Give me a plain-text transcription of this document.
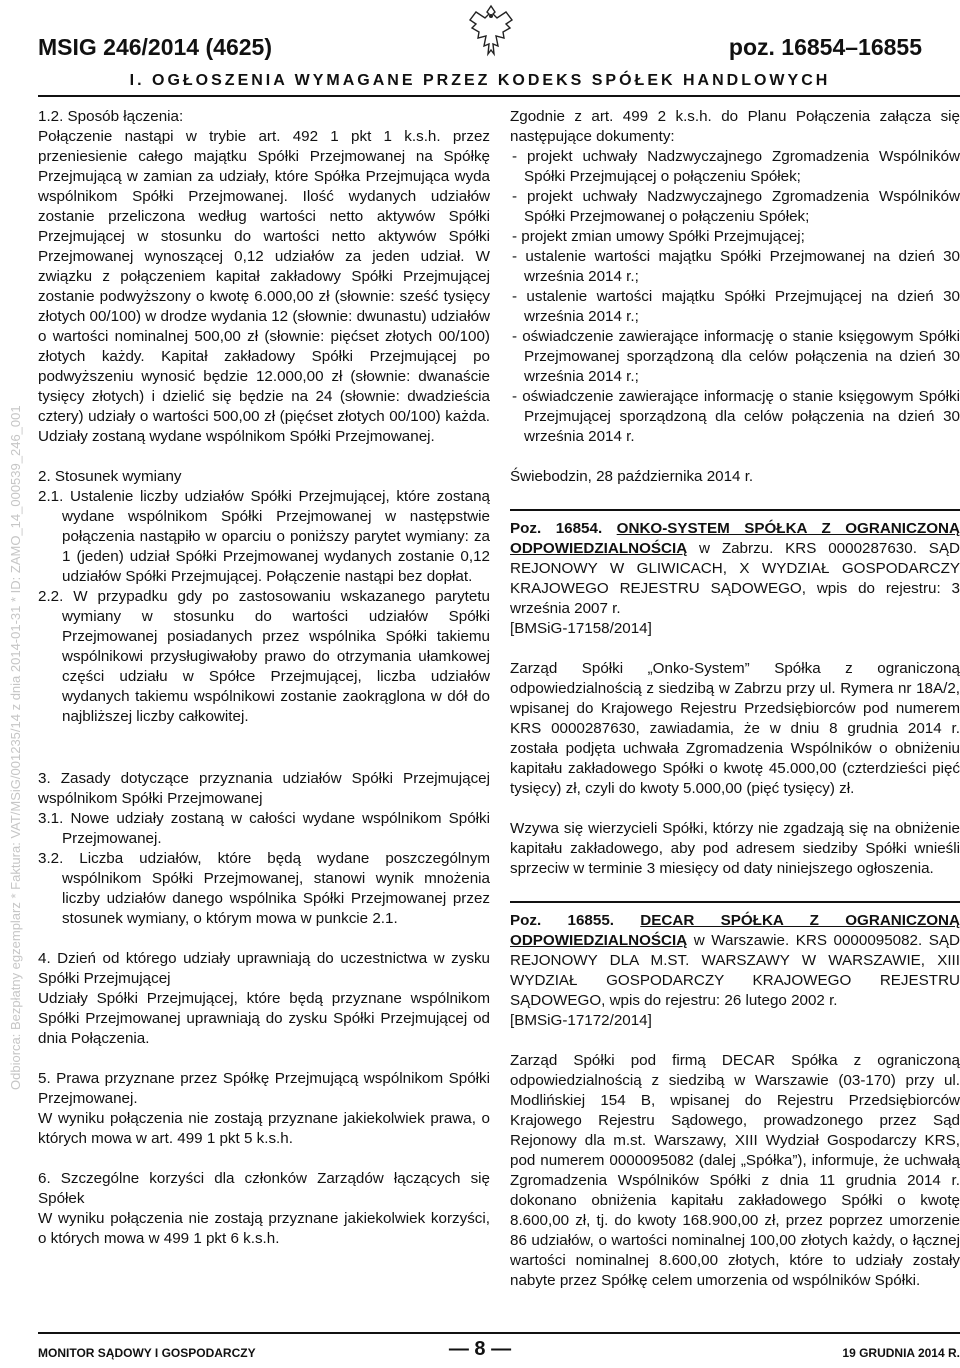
MSIG 246/2014 (4625)	poz. 16854–16855
I. OGŁOSZENIA WYMAGANE PRZEZ KODEKS SPÓŁEK HANDLOWYCH
Odbiorca: Bezpłatny egzemplarz * Faktura: VAT/MSiG/001235/14 z dnia 2014-01-31 * ID: ZAMO_14_000539_246_001

1.2. Sposób łączenia:

Połączenie nastąpi w trybie art. 492 1 pkt 1 k.s.h. przez przeniesienie całego majątku Spółki Przejmowanej na Spółkę Przejmującą w zamian za udziały, które Spółka Przejmująca wyda wspólnikom Spółki Przejmowanej. Ilość wydanych udziałów zostanie przeliczona według wartości netto aktywów Spółki Przejmującej w stosunku do wartości netto aktywów Spółki Przejmowanej wynoszącej 0,12 udziałów za jeden udział. W związku z połączeniem kapitał zakładowy Spółki Przejmującej zostanie podwyższony o kwotę 6.000,00 zł (słownie: sześć tysięcy złotych 00/100) w drodze wydania 12 (słownie: dwunastu) udziałów o wartości nominalnej 500,00 zł (słownie: pięćset złotych 00/100) złotych każdy. Kapitał zakładowy Spółki Przejmującej po podwyższeniu wynosić będzie 12.000,00 zł (słownie: dwanaście tysięcy złotych) i dzielić się będzie na 24 (słownie: dwadzieścia cztery) udziały o wartości 500,00 zł (pięćset złotych 00/100) każda. Udziały zostaną wydane wspólnikom Spółki Przejmowanej.

2. Stosunek wymiany

2.1. Ustalenie liczby udziałów Spółki Przejmującej, które zostaną wydane wspólnikom Spółki Przejmowanej w następstwie połączenia nastąpiło w oparciu o poniższy parytet wymiany: za 1 (jeden) udział Spółki Przejmowanej wydanych zostanie 0,12 udziałów Spółki Przejmującej. Połączenie nastąpi bez dopłat.

2.2. W przypadku gdy po zastosowaniu wskazanego parytetu wymiany w stosunku do wartości udziałów Spółki Przejmowanej posiadanych przez wspólnika Spółki takiemu wspólnikowi przysługiwałoby prawo do otrzymania ułamkowej części udziału w Spółce Przejmującej, liczba udziałów wydanych takiemu wspólnikowi zostanie zaokrąglona w dół do najbliższej liczby całkowitej.

3. Zasady dotyczące przyznania udziałów Spółki Przejmującej wspólnikom Spółki Przejmowanej

3.1. Nowe udziały zostaną w całości wydane wspólnikom Spółki Przejmowanej.

3.2. Liczba udziałów, które będą wydane poszczególnym wspólnikom Spółki Przejmowanej, stanowi wynik mnożenia liczby udziałów danego wspólnika Spółki Przejmowanej przez stosunek wymiany, o którym mowa w punkcie 2.1.

4. Dzień od którego udziały uprawniają do uczestnictwa w zysku Spółki Przejmującej

Udziały Spółki Przejmującej, które będą przyznane wspólnikom Spółki Przejmowanej uprawniają do zysku Spółki Przejmującej od dnia Połączenia.

5. Prawa przyznane przez Spółkę Przejmującą wspólnikom Spółki Przejmowanej.

W wyniku połączenia nie zostają przyznane jakiekolwiek prawa, o których mowa w art. 499 1 pkt 5 k.s.h.

6. Szczególne korzyści dla członków Zarządów łączących się Spółek

W wyniku połączenia nie zostają przyznane jakiekolwiek korzyści, o których mowa w 499 1 pkt 6 k.s.h.

Zgodnie z art. 499 2 k.s.h. do Planu Połączenia załącza się następujące dokumenty:

- projekt uchwały Nadzwyczajnego Zgromadzenia Wspólników Spółki Przejmującej o połączeniu Spółek;

- projekt uchwały Nadzwyczajnego Zgromadzenia Wspólników Spółki Przejmowanej o połączeniu Spółek;

- projekt zmian umowy Spółki Przejmującej;

- ustalenie wartości majątku Spółki Przejmowanej na dzień 30 września 2014 r.;

- ustalenie wartości majątku Spółki Przejmującej na dzień 30 września 2014 r.;

- oświadczenie zawierające informację o stanie księgowym Spółki Przejmowanej sporządzoną dla celów połączenia na dzień 30 września 2014 r.;

- oświadczenie zawierające informację o stanie księgowym Spółki Przejmującej sporządzoną dla celów połączenia na dzień 30 września 2014 r.

Świebodzin, 28 października 2014 r.

Poz. 16854. ONKO-SYSTEM SPÓŁKA Z OGRANICZONĄ ODPOWIEDZIALNOŚCIĄ w Zabrzu. KRS 0000287630. SĄD REJONOWY W GLIWICACH, X WYDZIAŁ GOSPODARCZY KRAJOWEGO REJESTRU SĄDOWEGO, wpis do rejestru: 3 września 2007 r.

[BMSiG-17158/2014]

Zarząd Spółki „Onko-System” Spółka z ograniczoną odpowiedzialnością z siedzibą w Zabrzu przy ul. Rymera nr 18A/2, wpisanej do Krajowego Rejestru Przedsiębiorców pod numerem KRS 0000287630, zawiadamia, że w dniu 8 grudnia 2014 r. została podjęta uchwała Zgromadzenia Wspólników o obniżeniu kapitału zakładowego Spółki o kwotę 45.000,00 (czterdzieści pięć tysięcy) zł, czyli do kwoty 5.000,00 (pięć tysięcy) zł.

Wzywa się wierzycieli Spółki, którzy nie zgadzają się na obniżenie kapitału zakładowego, aby pod adresem siedziby Spółki wnieśli sprzeciw w terminie 3 miesięcy od daty niniejszego ogłoszenia.

Poz. 16855. DECAR SPÓŁKA Z OGRANICZONĄ ODPOWIEDZIALNOŚCIĄ w Warszawie. KRS 0000095082. SĄD REJONOWY DLA M.ST. WARSZAWY W WARSZAWIE, XIII WYDZIAŁ GOSPODARCZY KRAJOWEGO REJESTRU SĄDOWEGO, wpis do rejestru: 26 lutego 2002 r.

[BMSiG-17172/2014]

Zarząd Spółki pod firmą DECAR Spółka z ograniczoną odpowiedzialnością z siedzibą w Warszawie (03-170) przy ul. Modlińskiej 154 B, wpisanej do Rejestru Przedsiębiorców Krajowego Rejestru Sądowego, prowadzonego przez Sąd Rejonowy dla m.st. Warszawy, XIII Wydział Gospodarczy KRS, pod numerem 0000095082 (dalej „Spółka”), informuje, że uchwałą Zgromadzenia Wspólników Spółki z dnia 11 grudnia 2014 r. dokonano obniżenia kapitału zakładowego Spółki o kwotę 8.600,00 zł, tj. do kwoty 168.900,00 zł, przez poprzez umorzenie 86 udziałów, o wartości nominalnej 100,00 złotych każdy, o łącznej wartości nominalnej 8.600,00 złotych, które to udziały zostały nabyte przez Spółkę celem umorzenia od wspólników Spółki.

MONITOR SĄDOWY I GOSPODARCZY	— 8 —	19 GRUDNIA 2014 R.
